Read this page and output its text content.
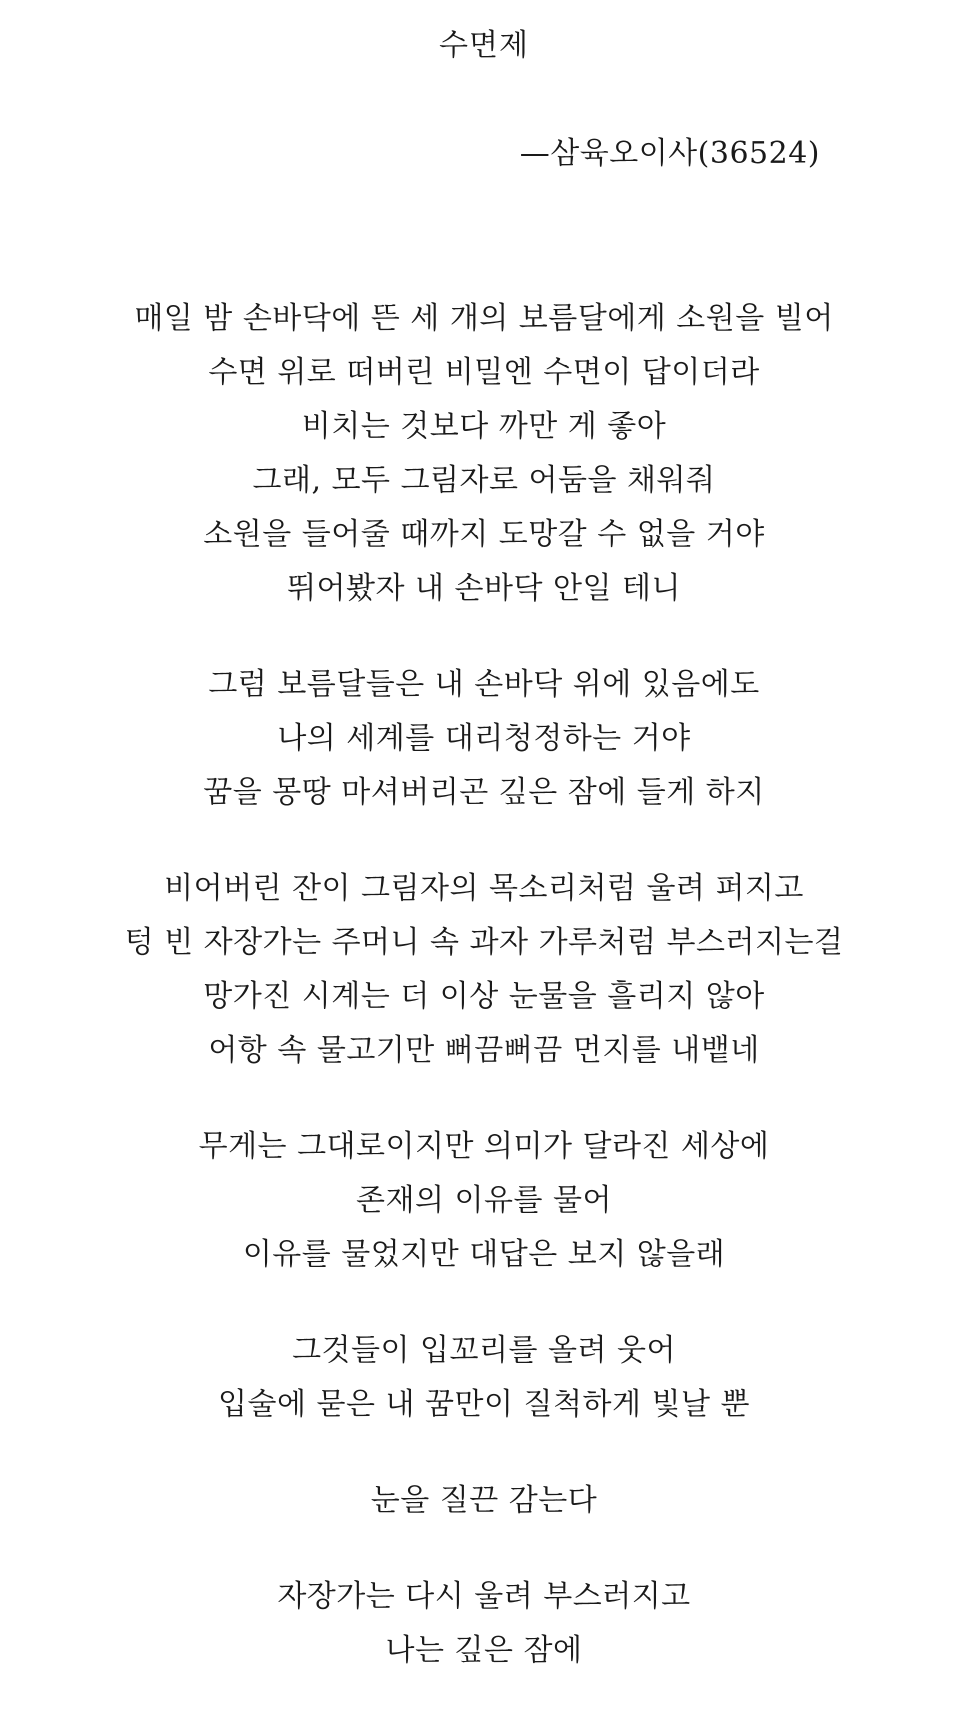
수면제
—삼육오이사(36524)
매일 밤 손바닥에 뜬 세 개의 보름달에게 소원을 빌어
수면 위로 떠버린 비밀엔 수면이 답이더라
비치는 것보다 까만 게 좋아
그래, 모두 그림자로 어둠을 채워줘
소원을 들어줄 때까지 도망갈 수 없을 거야
뛰어봤자 내 손바닥 안일 테니
그럼 보름달들은 내 손바닥 위에 있음에도
나의 세계를 대리청정하는 거야
꿈을 몽땅 마셔버리곤 깊은 잠에 들게 하지
비어버린 잔이 그림자의 목소리처럼 울려 퍼지고
텅 빈 자장가는 주머니 속 과자 가루처럼 부스러지는걸
망가진 시계는 더 이상 눈물을 흘리지 않아
어항 속 물고기만 뻐끔뻐끔 먼지를 내뱉네
무게는 그대로이지만 의미가 달라진 세상에
존재의 이유를 물어
이유를 물었지만 대답은 보지 않을래
그것들이 입꼬리를 올려 웃어
입술에 묻은 내 꿈만이 질척하게 빛날 뿐
눈을 질끈 감는다
자장가는 다시 울려 부스러지고
나는 깊은 잠에
